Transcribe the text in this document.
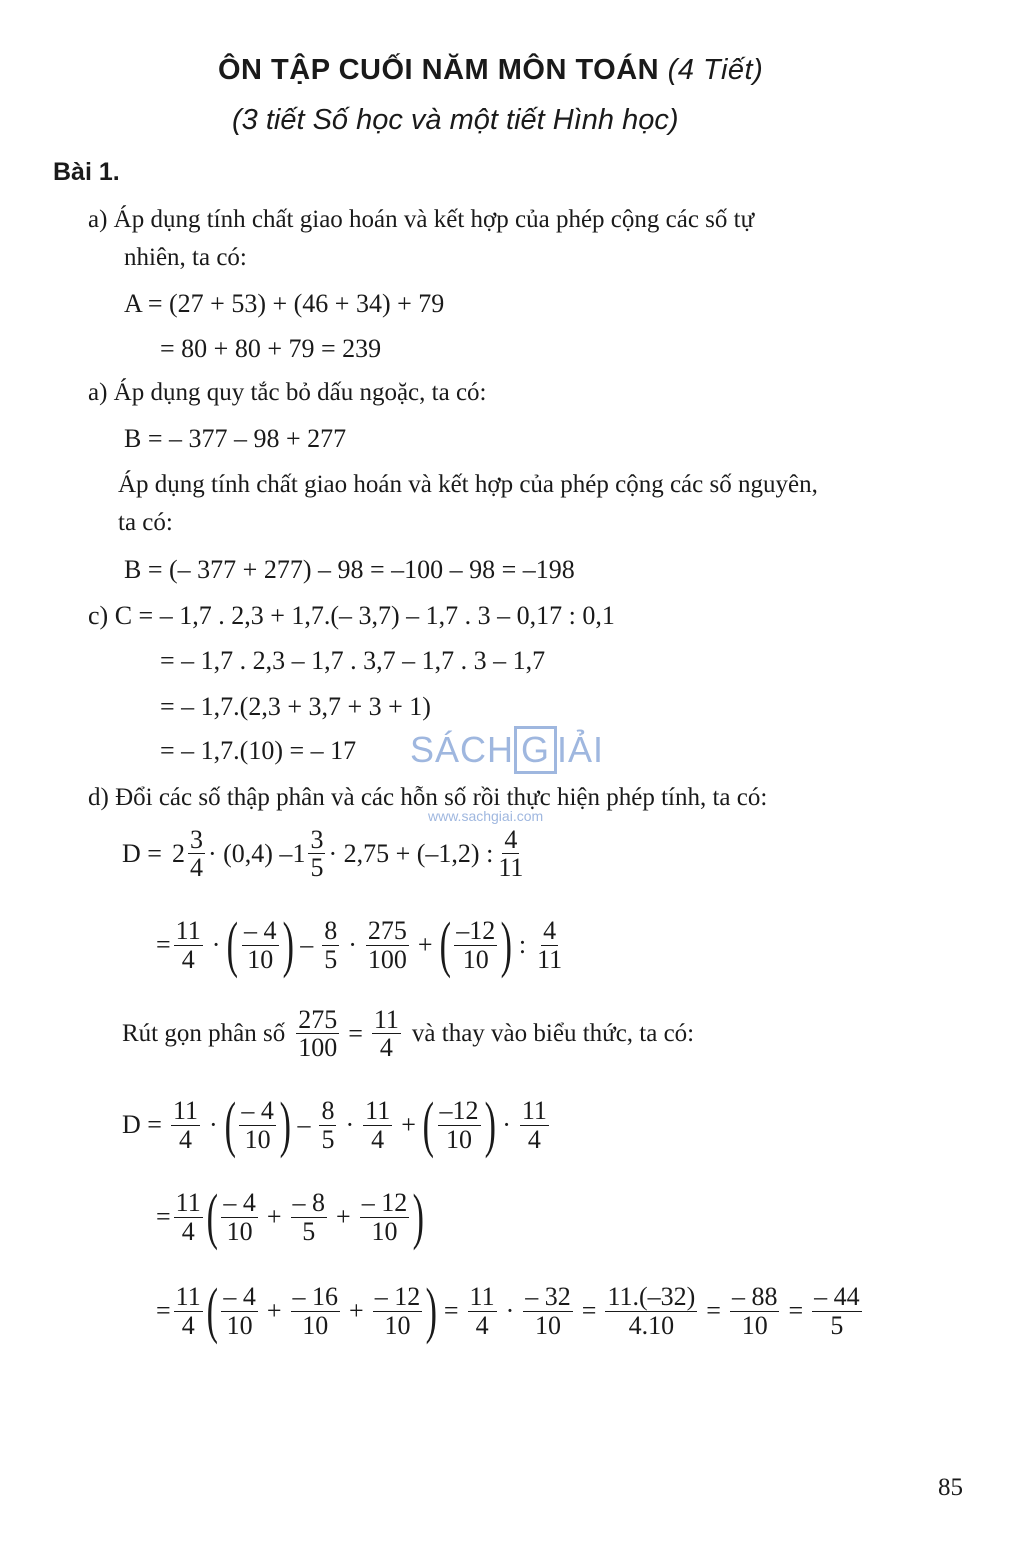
ÔN TẬP CUỐI NĂM MÔN TOÁN (4 Tiết)
(3 tiết Số học và một tiết Hình học)
Bài 1.
a) Áp dụng tính chất giao hoán và kết hợp của phép cộng các số tự
nhiên, ta có:
A = (27 + 53) + (46 + 34) + 79
= 80 + 80 + 79 = 239
a) Áp dụng quy tắc bỏ dấu ngoặc, ta có:
B = – 377 – 98 + 277
Áp dụng tính chất giao hoán và kết hợp của phép cộng các số nguyên,
ta có:
B = (– 377 + 277) – 98 = –100 – 98 = –198
c) C = – 1,7 . 2,3 + 1,7.(– 3,7) – 1,7 . 3 – 0,17 : 0,1
= – 1,7 . 2,3 – 1,7 . 3,7 – 1,7 . 3 – 1,7
= – 1,7.(2,3 + 3,7 + 3 + 1)
= – 1,7.(10) = – 17 SÁCH G IẢI
www.sachgiai.com
d) Đổi các số thập phân và các hỗn số rồi thực hiện phép tính, ta có:
$D = 2 \frac{3}{4} \cdot (0,4) - 1 \frac{3}{5} \cdot 2,75 + (-1,2)$ : $\frac{4}{11}$
= $\frac{11}{4}$ · ( $\frac{- 4}{10}$ ) – $\frac{8}{5} \cdot \frac{275}{100}$ + ( $\frac{-12}{10}$ ) : $\frac{4}{11}$
Rút gọn phân số $\frac{275}{100} = \frac{11}{4}$ và thay vào biểu thức, ta có:
$D = \frac{11}{4}$ · ( $\frac{- 4}{10}$ ) – $\frac{8}{5} \cdot \frac{11}{4}$ + ( $\frac{-12}{10}$ ) · $\frac{11}{4}$
= $\frac{11}{4}$ ( $\frac{- 4}{10} + \frac{- 8}{5} + \frac{- 12}{10}$ )
= $\frac{11}{4}$ ( $\frac{- 4}{10} + \frac{- 16}{10} + \frac{- 12}{10}$ ) = $\frac{11}{4} \cdot \frac{- 32}{10} = \frac{11.(-32)}{4.10} = \frac{- 88}{10} = \frac{- 44}{5}$
85
